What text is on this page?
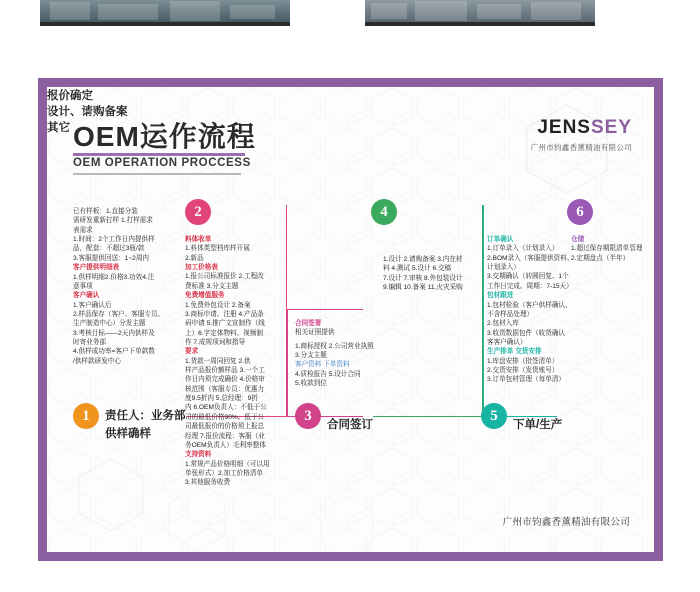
OEM运作流程
OEM OPERATION PROCCESS
JENSSEY
广州市钧鑫香薰精油有限公司
已有样板：1.直接分装
需研发重新打样 1.打样需求
表需求
1.时间：2个工作日内提供样
品，配套：不超过3瓶/款
3.客服提供回送：1~2周内
客户提供明细表
1.供样明细2.价格3.功效4.注
意事项
客户确认
1.客户确认后
2.样品保存（客户、客服专员、
生产制造中心）分发主题
3.考核目标——2天内供样及
时寄业务部
4.供样成功率=客户下单款数
/供样款研发中心
1	责任人：业务部
供样确样
2
料体收单
1.料体类型档库样开展
2.新品
加工价格表
1.报公司标准报价 2.工程改
费标准 3.分支主题
免费增值服务
1.免费外包设计 2.备案
3.商标申请、注册 4.产品条
码申请 5.推广文宣制作（线
上）6.字定体物料、视频制
作 7.成规项词和指导
要求
1.货款一周同回复 2.供
样产品报价额样品 3.一个工
作日内须完成确价 4.价格审
核范围（客服专员：优惠力
度9.5折内 5.总经理：9折
内 6.OEM负责人：不低于公
司的最低价格90%。低于公
司最低报价的价格须上报总
经理 7.报价流程：客服（业
务OEM负责人）毛利率整体
支持资料
1.常规产品价格明细（可以用
单张形式）2.加工价格清单
3.其他服务收费
合同签署
相关证照提供
1.商标授权 2.公司营业执照
3.分支主题
客户资料 下单资料
4.质检报告 5.设计合同
5.收款到位
3
合同签订
4
1.设计 2.请购备案 3.内在材
料 4.测试 5.设计 6.交稿
7.设计 7.审核 8.外包装设计
9.编辑 10.备案 11.火灾采购
订单确认
1.订单录入（计划录入）
2.BOM录入（客服提供资料、
计划录入）
3.交期确认（转圆回复、1个
工作日完成。周期：7-15天）
包材跟进
1.包材检验（客户供样确认、
不含样品处理）
2.包材入库
3.收货数据包件（收货确认
客客户确认）
生产排单 交货安排
1.库盘安排（批签清单）
2.交货安排（发货账号）
3.订单包材管理（每单清）
5
下单/生产
6
仓储
1.超过保存期限清单管理
2.定期盘点（半年）
广州市钧鑫香薰精油有限公司
